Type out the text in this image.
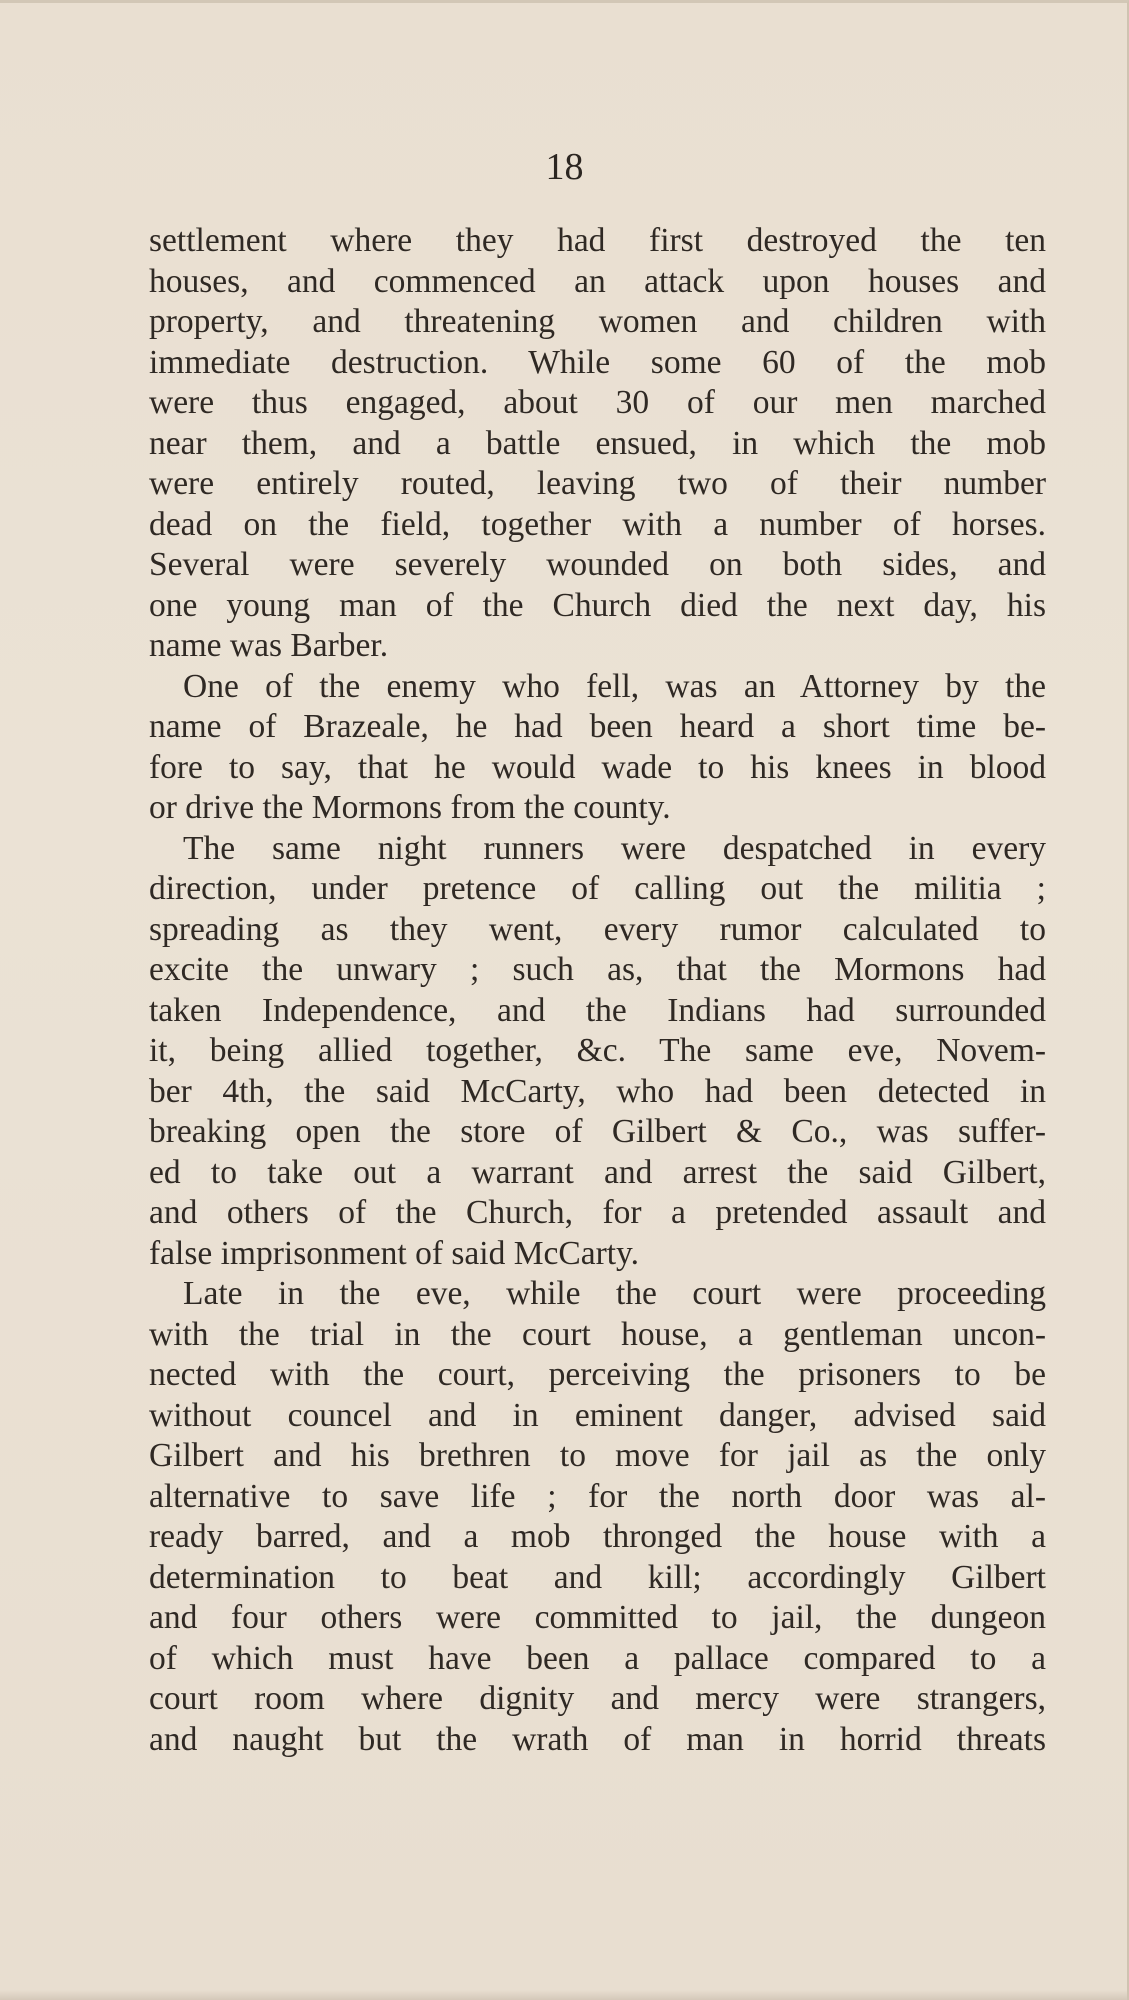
18

settlement where they had first destroyed the ten
houses, and commenced an attack upon houses and
property, and threatening women and children with
immediate destruction. While some 60 of the mob
were thus engaged, about 30 of our men marched
near them, and a battle ensued, in which the mob
were entirely routed, leaving two of their number
dead on the field, together with a number of horses.
Several were severely wounded on both sides, and
one young man of the Church died the next day, his
name was Barber.
One of the enemy who fell, was an Attorney by the
name of Brazeale, he had been heard a short time be-
fore to say, that he would wade to his knees in blood
or drive the Mormons from the county.
The same night runners were despatched in every
direction, under pretence of calling out the militia ;
spreading as they went, every rumor calculated to
excite the unwary ; such as, that the Mormons had
taken Independence, and the Indians had surrounded
it, being allied together, &c. The same eve, Novem-
ber 4th, the said McCarty, who had been detected in
breaking open the store of Gilbert & Co., was suffer-
ed to take out a warrant and arrest the said Gilbert,
and others of the Church, for a pretended assault and
false imprisonment of said McCarty.
Late in the eve, while the court were proceeding
with the trial in the court house, a gentleman uncon-
nected with the court, perceiving the prisoners to be
without councel and in eminent danger, advised said
Gilbert and his brethren to move for jail as the only
alternative to save life ; for the north door was al-
ready barred, and a mob thronged the house with a
determination to beat and kill; accordingly Gilbert
and four others were committed to jail, the dungeon
of which must have been a pallace compared to a
court room where dignity and mercy were strangers,
and naught but the wrath of man in horrid threats
